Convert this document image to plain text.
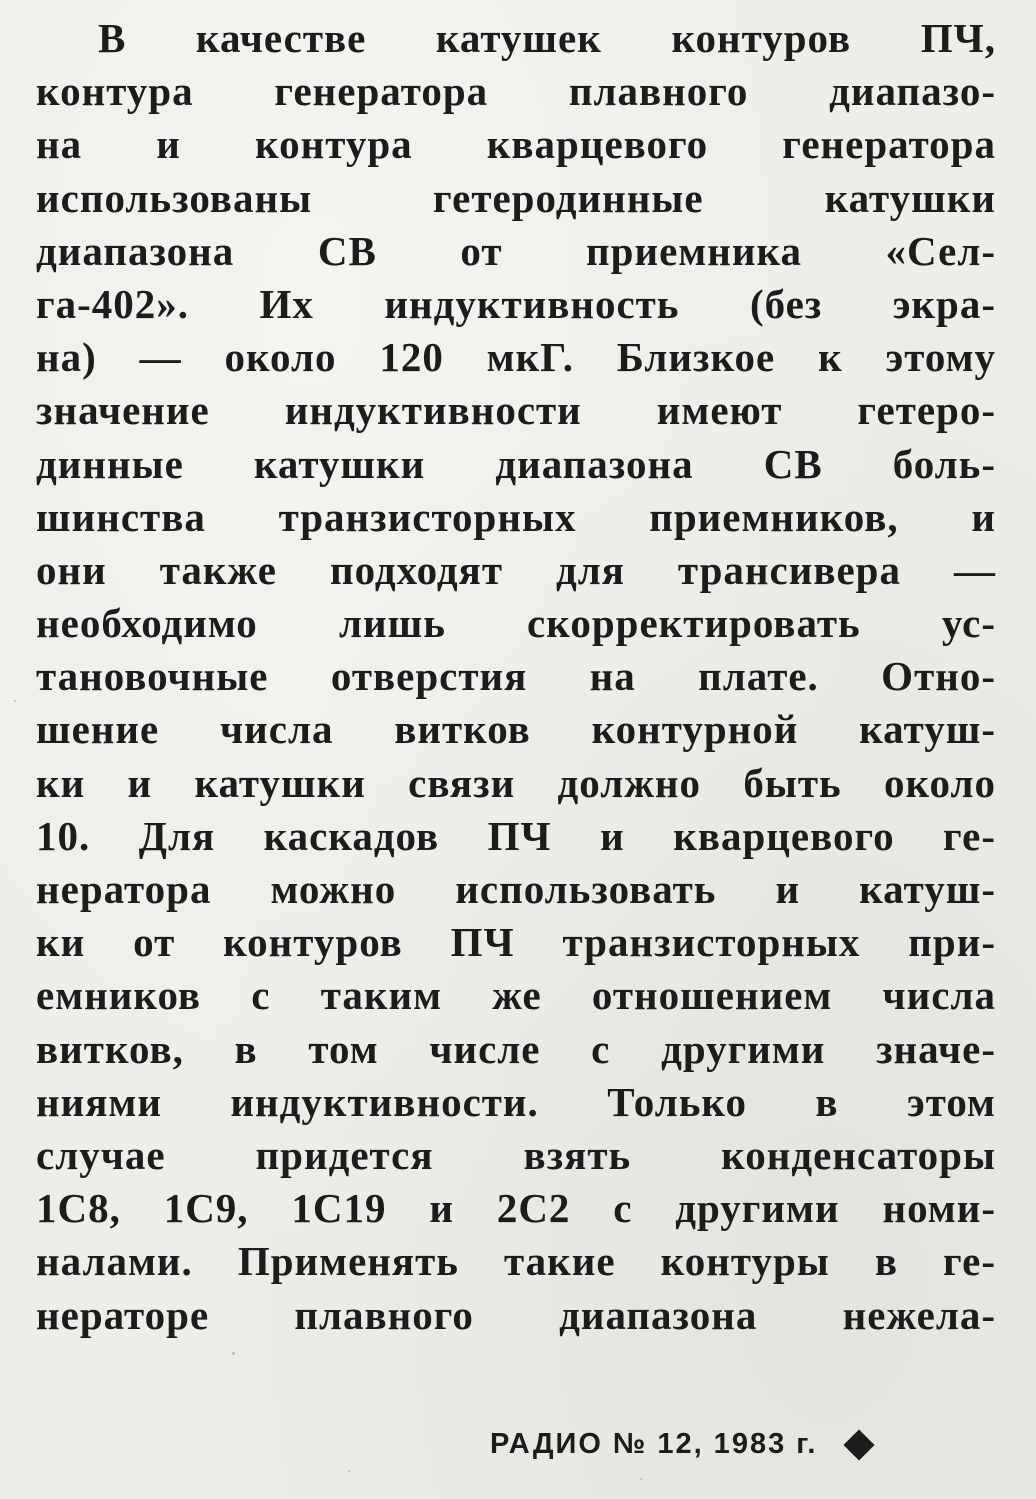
В качестве катушек контуров ПЧ,
контура генератора плавного диапазо-
на и контура кварцевого генератора
использованы гетеродинные катушки
диапазона СВ от приемника «Сел-
га-402». Их индуктивность (без экра-
на) — около 120 мкГ. Близкое к этому
значение индуктивности имеют гетеро-
динные катушки диапазона СВ боль-
шинства транзисторных приемников, и
они также подходят для трансивера —
необходимо лишь скорректировать ус-
тановочные отверстия на плате. Отно-
шение числа витков контурной катуш-
ки и катушки связи должно быть около
10. Для каскадов ПЧ и кварцевого ге-
нератора можно использовать и катуш-
ки от контуров ПЧ транзисторных при-
емников с таким же отношением числа
витков, в том числе с другими значе-
ниями индуктивности. Только в этом
случае придется взять конденсаторы
1С8, 1С9, 1С19 и 2С2 с другими номи-
налами. Применять такие контуры в ге-
нераторе плавного диапазона нежела-
РАДИО № 12, 1983 г.
